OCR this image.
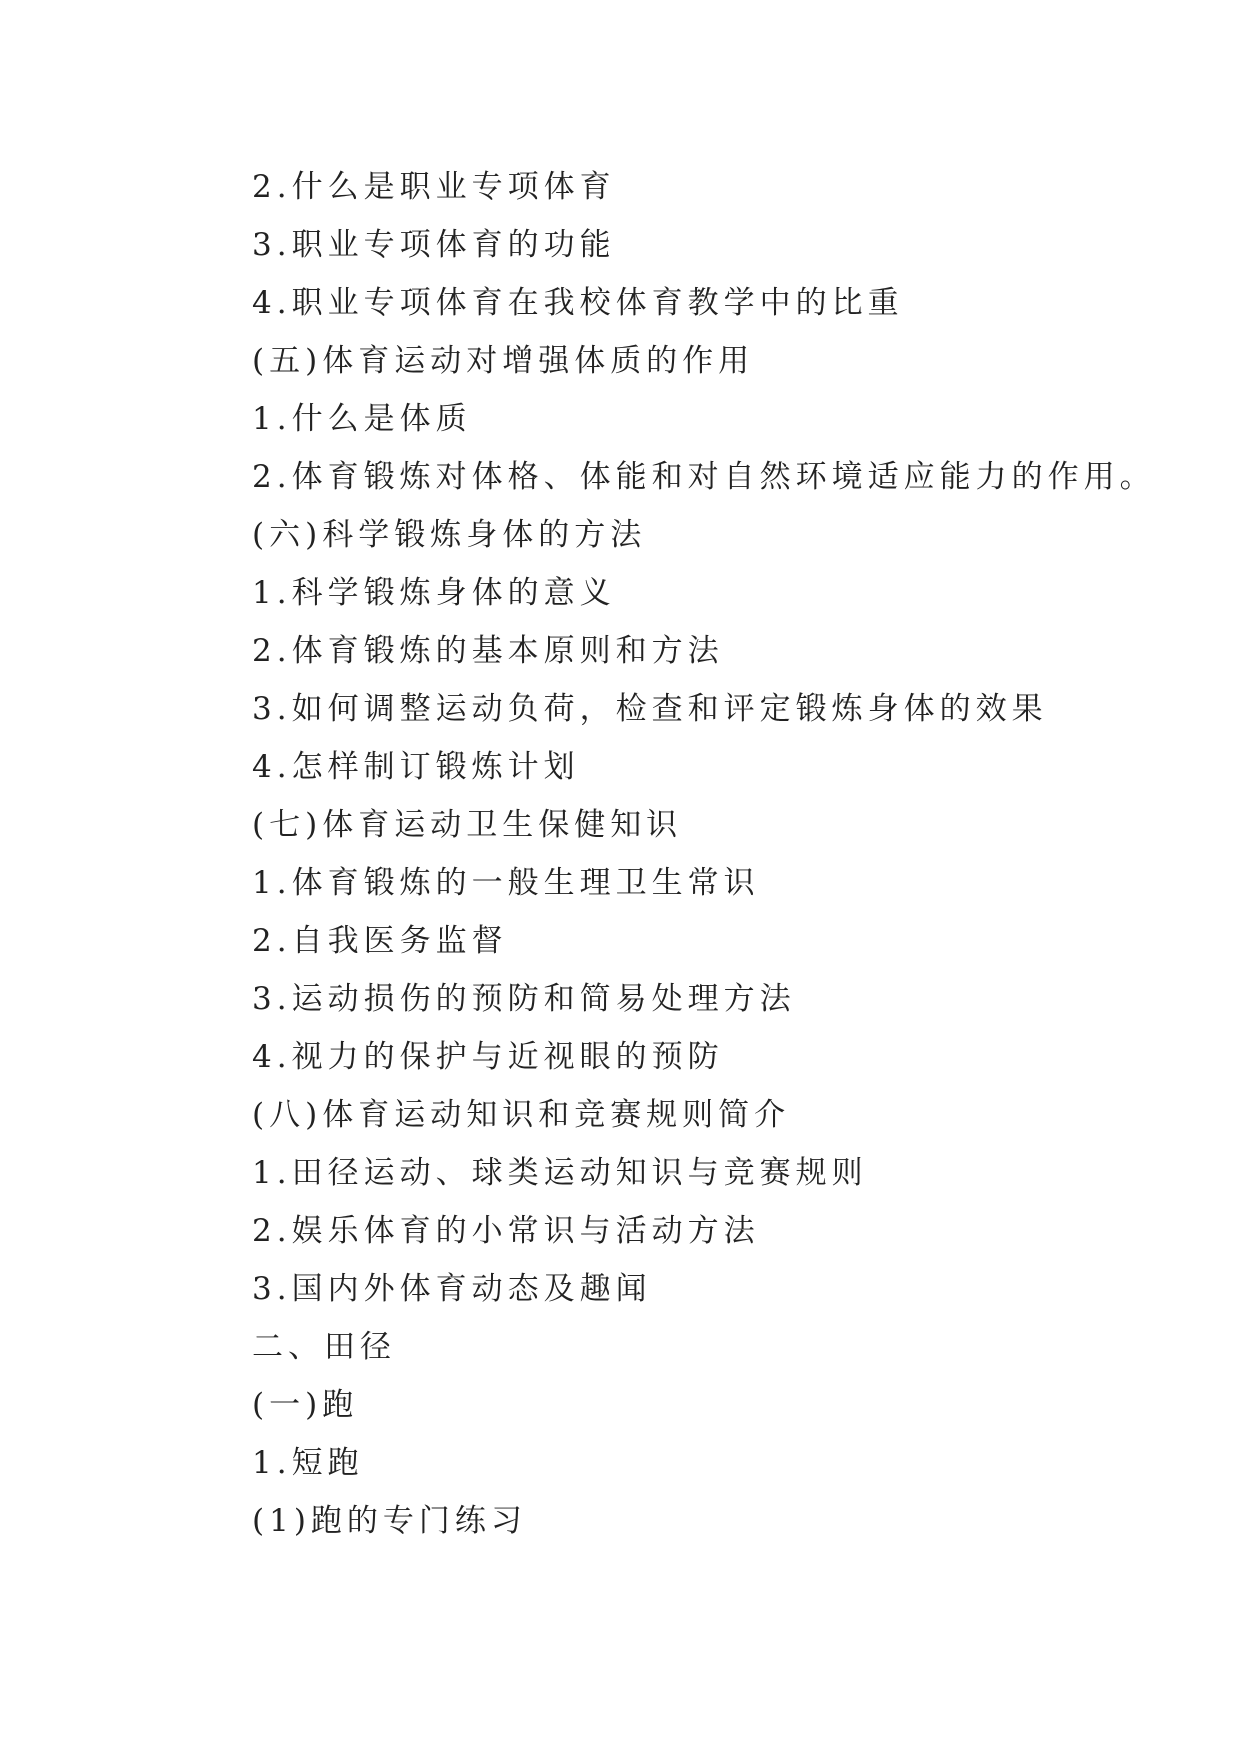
2.什么是职业专项体育
3.职业专项体育的功能
4.职业专项体育在我校体育教学中的比重
(五)体育运动对增强体质的作用
1.什么是体质
2.体育锻炼对体格、体能和对自然环境适应能力的作用。
(六)科学锻炼身体的方法
1.科学锻炼身体的意义
2.体育锻炼的基本原则和方法
3.如何调整运动负荷，检查和评定锻炼身体的效果
4.怎样制订锻炼计划
(七)体育运动卫生保健知识
1.体育锻炼的一般生理卫生常识
2.自我医务监督
3.运动损伤的预防和简易处理方法
4.视力的保护与近视眼的预防
(八)体育运动知识和竞赛规则简介
1.田径运动、球类运动知识与竞赛规则
2.娱乐体育的小常识与活动方法
3.国内外体育动态及趣闻
二、田径
(一)跑
1.短跑
(1)跑的专门练习
